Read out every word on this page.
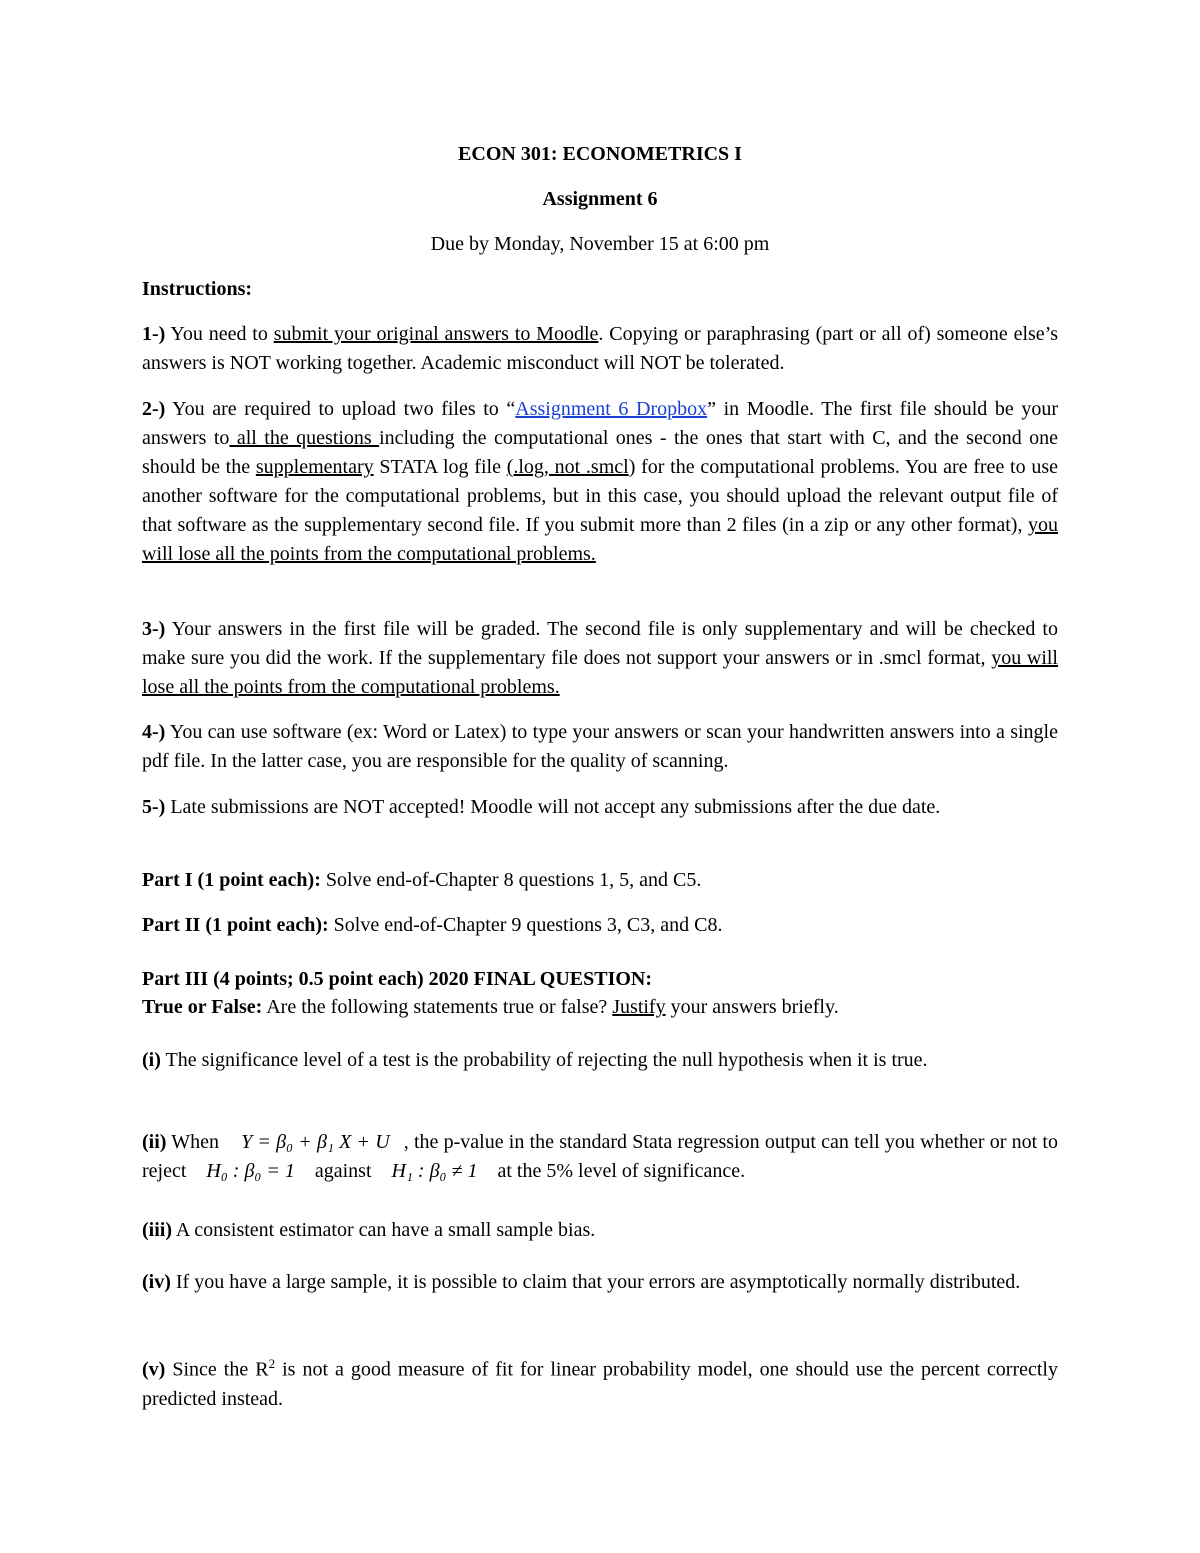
ECON 301: ECONOMETRICS I
Assignment 6
Due by Monday, November 15 at 6:00 pm
Instructions:
1-) You need to submit your original answers to Moodle. Copying or paraphrasing (part or all of) someone else’s answers is NOT working together. Academic misconduct will NOT be tolerated.
2-) You are required to upload two files to “Assignment 6 Dropbox” in Moodle. The first file should be your answers to all the questions including the computational ones - the ones that start with C, and the second one should be the supplementary STATA log file (.log, not .smcl) for the computational problems. You are free to use another software for the computational problems, but in this case, you should upload the relevant output file of that software as the supplementary second file. If you submit more than 2 files (in a zip or any other format), you will lose all the points from the computational problems.
3-) Your answers in the first file will be graded. The second file is only supplementary and will be checked to make sure you did the work. If the supplementary file does not support your answers or in .smcl format, you will lose all the points from the computational problems.
4-) You can use software (ex: Word or Latex) to type your answers or scan your handwritten answers into a single pdf file. In the latter case, you are responsible for the quality of scanning.
5-) Late submissions are NOT accepted! Moodle will not accept any submissions after the due date.
Part I (1 point each): Solve end-of-Chapter 8 questions 1, 5, and C5.
Part II (1 point each): Solve end-of-Chapter 9 questions 3, C3, and C8.
Part III (4 points; 0.5 point each) 2020 FINAL QUESTION:
True or False: Are the following statements true or false? Justify your answers briefly.
(i) The significance level of a test is the probability of rejecting the null hypothesis when it is true.
(ii) When Y = β₀ + β₁ X + U , the p-value in the standard Stata regression output can tell you whether or not to reject H₀ : β₀ = 1 against H₁ : β₀ ≠ 1 at the 5% level of significance.
(iii) A consistent estimator can have a small sample bias.
(iv) If you have a large sample, it is possible to claim that your errors are asymptotically normally distributed.
(v) Since the $R^2$ is not a good measure of fit for linear probability model, one should use the percent correctly predicted instead.
